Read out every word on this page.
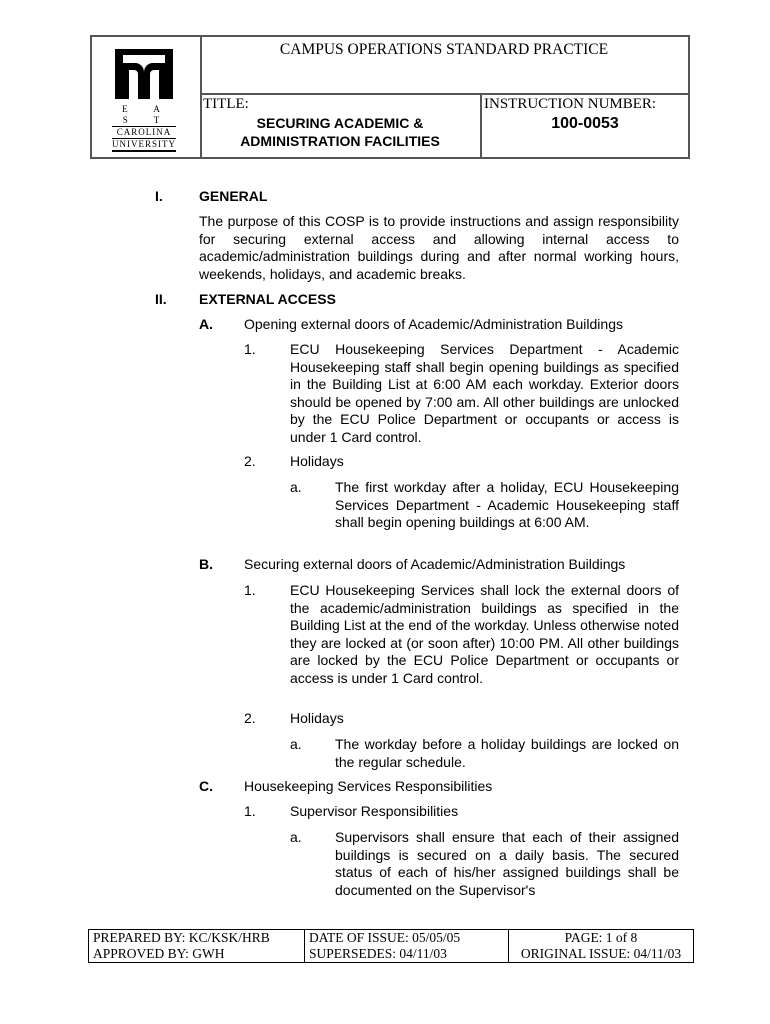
E A S T
CAROLINA
UNIVERSITY
CAMPUS OPERATIONS STANDARD PRACTICE
TITLE:
SECURING ACADEMIC &
ADMINISTRATION FACILITIES
INSTRUCTION NUMBER:
100-0053
I.	GENERAL
The purpose of this COSP is to provide instructions and assign responsibility for securing external access and allowing internal access to academic/administration buildings during and after normal working hours, weekends, holidays, and academic breaks.
II. EXTERNAL ACCESS
A. Opening external doors of Academic/Administration Buildings
1. ECU Housekeeping Services Department - Academic Housekeeping staff shall begin opening buildings as specified in the Building List at 6:00 AM each workday. Exterior doors should be opened by 7:00 am. All other buildings are unlocked by the ECU Police Department or occupants or access is under 1 Card control.
2. Holidays
a. The first workday after a holiday, ECU Housekeeping Services Department - Academic Housekeeping staff shall begin opening buildings at 6:00 AM.
B. Securing external doors of Academic/Administration Buildings
1. ECU Housekeeping Services shall lock the external doors of the academic/administration buildings as specified in the Building List at the end of the workday. Unless otherwise noted they are locked at (or soon after) 10:00 PM. All other buildings are locked by the ECU Police Department or occupants or access is under 1 Card control.
2. Holidays
a. The workday before a holiday buildings are locked on the regular schedule.
C. Housekeeping Services Responsibilities
1. Supervisor Responsibilities
a. Supervisors shall ensure that each of their assigned buildings is secured on a daily basis. The secured status of each of his/her assigned buildings shall be documented on the Supervisor's
PREPARED BY: KC/KSK/HRB
APPROVED BY: GWH
DATE OF ISSUE: 05/05/05
SUPERSEDES: 04/11/03
PAGE: 1 of 8
ORIGINAL ISSUE: 04/11/03
